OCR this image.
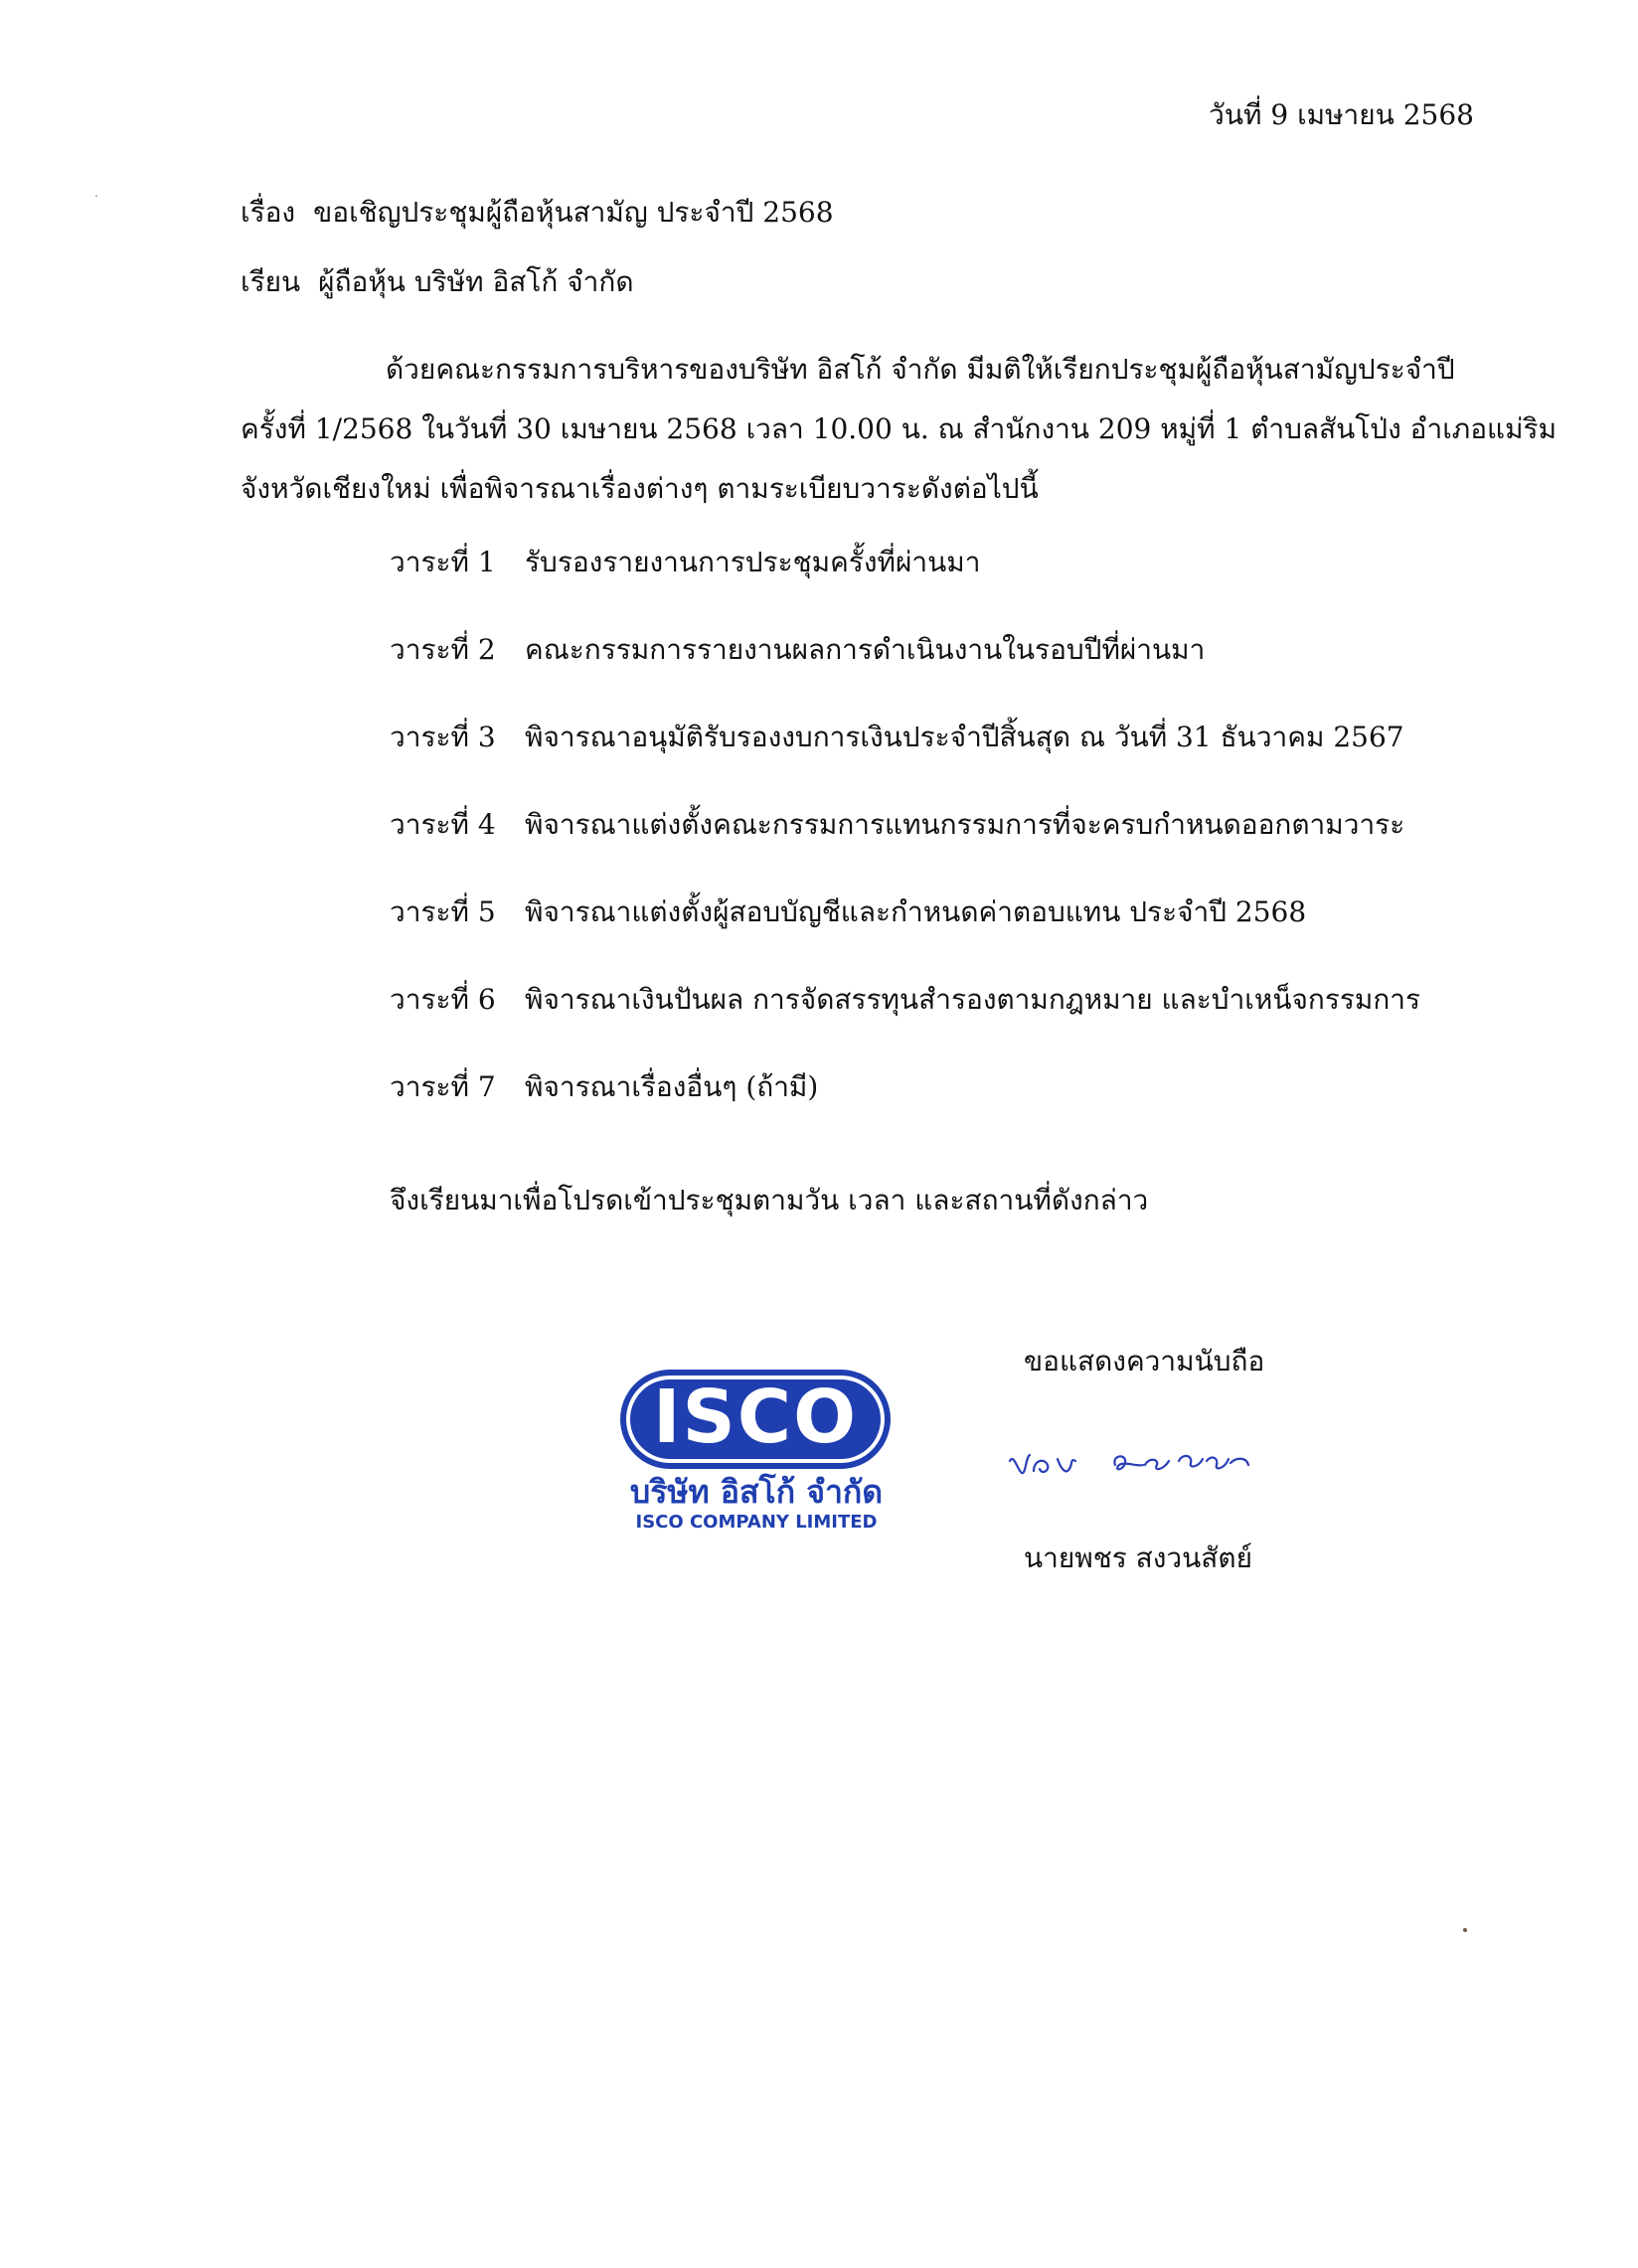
วันที่ 9 เมษายน 2568
เรื่อง ขอเชิญประชุมผู้ถือหุ้นสามัญ ประจำปี 2568
เรียน ผู้ถือหุ้น บริษัท อิสโก้ จำกัด
ด้วยคณะกรรมการบริหารของบริษัท อิสโก้ จำกัด มีมติให้เรียกประชุมผู้ถือหุ้นสามัญประจำปี
ครั้งที่ 1/2568 ในวันที่ 30 เมษายน 2568 เวลา 10.00 น. ณ สำนักงาน 209 หมู่ที่ 1 ตำบลสันโป่ง อำเภอแม่ริม
จังหวัดเชียงใหม่ เพื่อพิจารณาเรื่องต่างๆ ตามระเบียบวาระดังต่อไปนี้
วาระที่ 1	รับรองรายงานการประชุมครั้งที่ผ่านมา
วาระที่ 2	คณะกรรมการรายงานผลการดำเนินงานในรอบปีที่ผ่านมา
วาระที่ 3	พิจารณาอนุมัติรับรองงบการเงินประจำปีสิ้นสุด ณ วันที่ 31 ธันวาคม 2567
วาระที่ 4	พิจารณาแต่งตั้งคณะกรรมการแทนกรรมการที่จะครบกำหนดออกตามวาระ
วาระที่ 5	พิจารณาแต่งตั้งผู้สอบบัญชีและกำหนดค่าตอบแทน ประจำปี 2568
วาระที่ 6	พิจารณาเงินปันผล การจัดสรรทุนสำรองตามกฎหมาย และบำเหน็จกรรมการ
วาระที่ 7	พิจารณาเรื่องอื่นๆ (ถ้ามี)
จึงเรียนมาเพื่อโปรดเข้าประชุมตามวัน เวลา และสถานที่ดังกล่าว
ขอแสดงความนับถือ
ISCO
บริษัท อิสโก้ จำกัด
ISCO COMPANY LIMITED
นายพชร สงวนสัตย์
